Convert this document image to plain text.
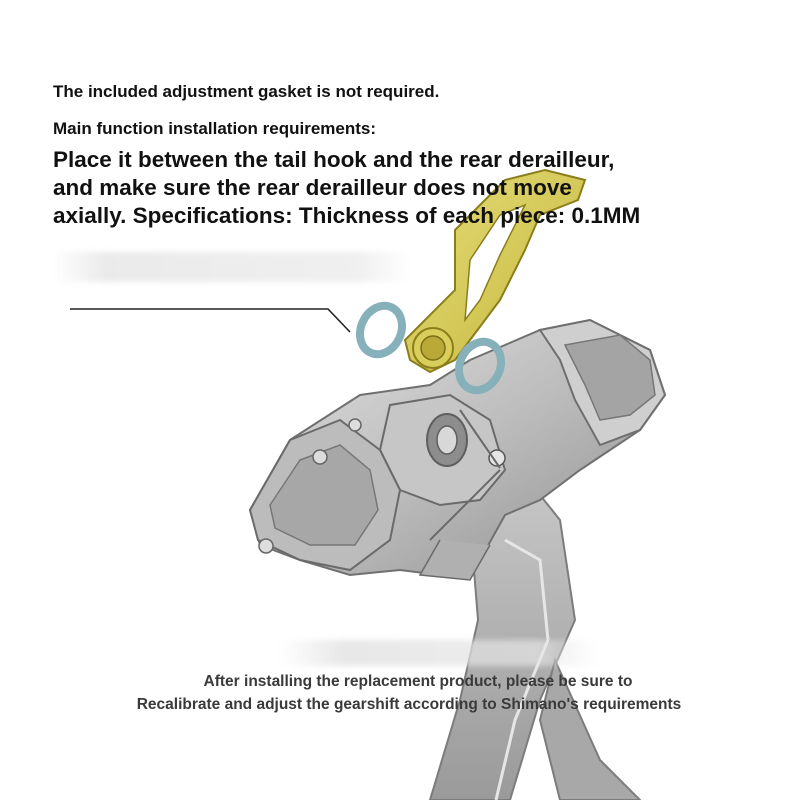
The included adjustment gasket is not required.
Main function installation requirements:
Place it between the tail hook and the rear derailleur,
and make sure the rear derailleur does not move
axially. Specifications: Thickness of each piece: 0.1MM
After installing the replacement product, please be sure to
Recalibrate and adjust the gearshift according to Shimano's requirements
